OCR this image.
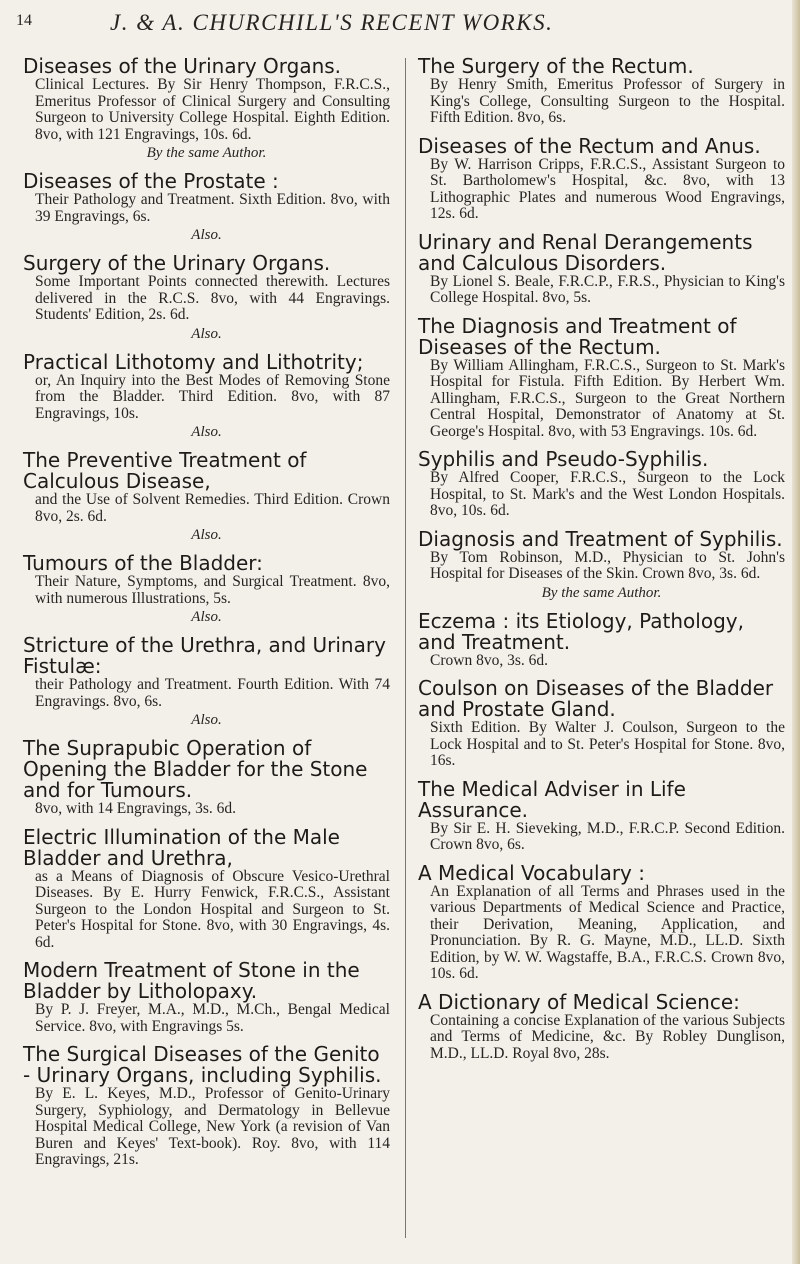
14	J. & A. CHURCHILL'S RECENT WORKS.
Diseases of the Urinary Organs.
Clinical Lectures. By Sir Henry Thompson, F.R.C.S., Emeritus Professor of Clinical Surgery and Consulting Surgeon to University College Hospital. Eighth Edition. 8vo, with 121 Engravings, 10s. 6d.
By the same Author.
Diseases of the Prostate :
Their Pathology and Treatment. Sixth Edition. 8vo, with 39 Engravings, 6s.
Also.
Surgery of the Urinary Organs.
Some Important Points connected therewith. Lectures delivered in the R.C.S. 8vo, with 44 Engravings. Students' Edition, 2s. 6d.
Also.
Practical Lithotomy and Lithotrity;
or, An Inquiry into the Best Modes of Removing Stone from the Bladder. Third Edition. 8vo, with 87 Engravings, 10s.
Also.
The Preventive Treatment of Calculous Disease,
and the Use of Solvent Remedies. Third Edition. Crown 8vo, 2s. 6d.
Also.
Tumours of the Bladder:
Their Nature, Symptoms, and Surgical Treatment. 8vo, with numerous Illustrations, 5s.
Also.
Stricture of the Urethra, and Urinary Fistulæ:
their Pathology and Treatment. Fourth Edition. With 74 Engravings. 8vo, 6s.
Also.
The Suprapubic Operation of Opening the Bladder for the Stone and for Tumours.
8vo, with 14 Engravings, 3s. 6d.
Electric Illumination of the Male Bladder and Urethra,
as a Means of Diagnosis of Obscure Vesico-Urethral Diseases. By E. Hurry Fenwick, F.R.C.S., Assistant Surgeon to the London Hospital and Surgeon to St. Peter's Hospital for Stone. 8vo, with 30 Engravings, 4s. 6d.
Modern Treatment of Stone in the Bladder by Litholopaxy.
By P. J. Freyer, M.A., M.D., M.Ch., Bengal Medical Service. 8vo, with Engravings 5s.
The Surgical Diseases of the Genito - Urinary Organs, including Syphilis.
By E. L. Keyes, M.D., Professor of Genito-Urinary Surgery, Syphiology, and Dermatology in Bellevue Hospital Medical College, New York (a revision of Van Buren and Keyes' Text-book). Roy. 8vo, with 114 Engravings, 21s.
The Surgery of the Rectum.
By Henry Smith, Emeritus Professor of Surgery in King's College, Consulting Surgeon to the Hospital. Fifth Edition. 8vo, 6s.
Diseases of the Rectum and Anus.
By W. Harrison Cripps, F.R.C.S., Assistant Surgeon to St. Bartholomew's Hospital, &c. 8vo, with 13 Lithographic Plates and numerous Wood Engravings, 12s. 6d.
Urinary and Renal Derangements and Calculous Disorders.
By Lionel S. Beale, F.R.C.P., F.R.S., Physician to King's College Hospital. 8vo, 5s.
The Diagnosis and Treatment of Diseases of the Rectum.
By William Allingham, F.R.C.S., Surgeon to St. Mark's Hospital for Fistula. Fifth Edition. By Herbert Wm. Allingham, F.R.C.S., Surgeon to the Great Northern Central Hospital, Demonstrator of Anatomy at St. George's Hospital. 8vo, with 53 Engravings. 10s. 6d.
Syphilis and Pseudo-Syphilis.
By Alfred Cooper, F.R.C.S., Surgeon to the Lock Hospital, to St. Mark's and the West London Hospitals. 8vo, 10s. 6d.
Diagnosis and Treatment of Syphilis.
By Tom Robinson, M.D., Physician to St. John's Hospital for Diseases of the Skin. Crown 8vo, 3s. 6d.
By the same Author.
Eczema : its Etiology, Pathology, and Treatment.
Crown 8vo, 3s. 6d.
Coulson on Diseases of the Bladder and Prostate Gland.
Sixth Edition. By Walter J. Coulson, Surgeon to the Lock Hospital and to St. Peter's Hospital for Stone. 8vo, 16s.
The Medical Adviser in Life Assurance.
By Sir E. H. Sieveking, M.D., F.R.C.P. Second Edition. Crown 8vo, 6s.
A Medical Vocabulary :
An Explanation of all Terms and Phrases used in the various Departments of Medical Science and Practice, their Derivation, Meaning, Application, and Pronunciation. By R. G. Mayne, M.D., LL.D. Sixth Edition, by W. W. Wagstaffe, B.A., F.R.C.S. Crown 8vo, 10s. 6d.
A Dictionary of Medical Science:
Containing a concise Explanation of the various Subjects and Terms of Medicine, &c. By Robley Dunglison, M.D., LL.D. Royal 8vo, 28s.
